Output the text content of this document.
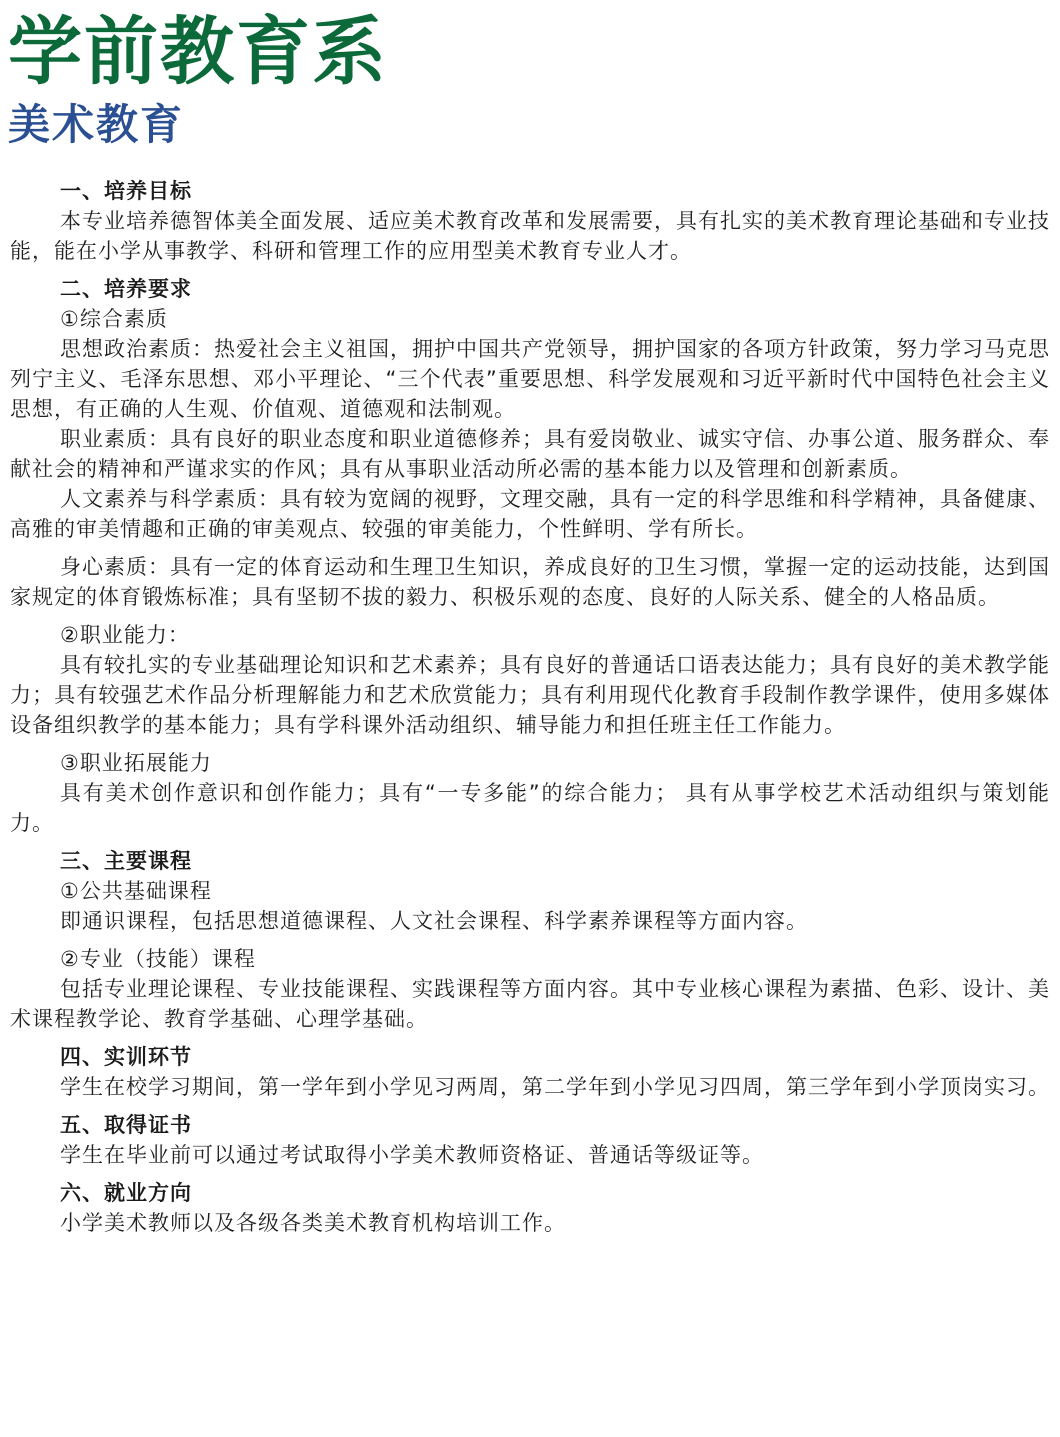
学前教育系
美术教育
一、培养目标

本专业培养德智体美全面发展、适应美术教育改革和发展需要，具有扎实的美术教育理论基础和专业技能，能在小学从事教学、科研和管理工作的应用型美术教育专业人才。

二、培养要求
①综合素质

思想政治素质：热爱社会主义祖国，拥护中国共产党领导，拥护国家的各项方针政策，努力学习马克思列宁主义、毛泽东思想、邓小平理论、“三个代表”重要思想、科学发展观和习近平新时代中国特色社会主义思想，有正确的人生观、价值观、道德观和法制观。

职业素质：具有良好的职业态度和职业道德修养；具有爱岗敬业、诚实守信、办事公道、服务群众、奉献社会的精神和严谨求实的作风；具有从事职业活动所必需的基本能力以及管理和创新素质。

人文素养与科学素质：具有较为宽阔的视野，文理交融，具有一定的科学思维和科学精神，具备健康、高雅的审美情趣和正确的审美观点、较强的审美能力，个性鲜明、学有所长。

身心素质：具有一定的体育运动和生理卫生知识，养成良好的卫生习惯，掌握一定的运动技能，达到国家规定的体育锻炼标准；具有坚韧不拔的毅力、积极乐观的态度、良好的人际关系、健全的人格品质。

②职业能力：

具有较扎实的专业基础理论知识和艺术素养；具有良好的普通话口语表达能力；具有良好的美术教学能力；具有较强艺术作品分析理解能力和艺术欣赏能力；具有利用现代化教育手段制作教学课件，使用多媒体设备组织教学的基本能力；具有学科课外活动组织、辅导能力和担任班主任工作能力。

③职业拓展能力

具有美术创作意识和创作能力；具有“一专多能”的综合能力； 具有从事学校艺术活动组织与策划能力。

三、主要课程
①公共基础课程

即通识课程，包括思想道德课程、人文社会课程、科学素养课程等方面内容。

②专业（技能）课程

包括专业理论课程、专业技能课程、实践课程等方面内容。其中专业核心课程为素描、色彩、设计、美术课程教学论、教育学基础、心理学基础。

四、实训环节

学生在校学习期间，第一学年到小学见习两周，第二学年到小学见习四周，第三学年到小学顶岗实习。

五、取得证书

学生在毕业前可以通过考试取得小学美术教师资格证、普通话等级证等。

六、就业方向

小学美术教师以及各级各类美术教育机构培训工作。
